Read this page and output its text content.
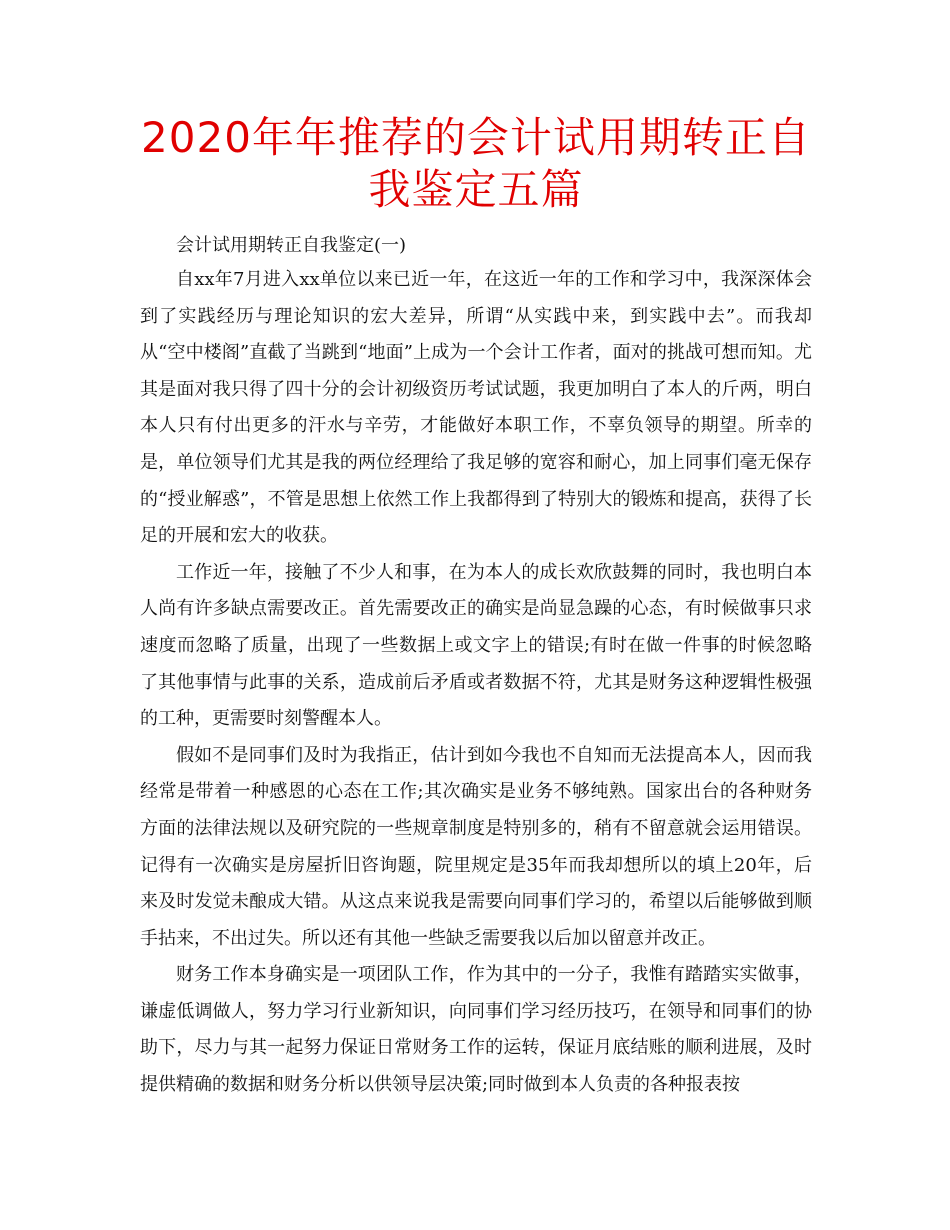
2020年年推荐的会计试用期转正自我鉴定五篇

会计试用期转正自我鉴定(一)

自xx年7月进入xx单位以来已近一年，在这近一年的工作和学习中，我深深体会到了实践经历与理论知识的宏大差异，所谓“从实践中来，到实践中去”。而我却从“空中楼阁”直截了当跳到“地面”上成为一个会计工作者，面对的挑战可想而知。尤其是面对我只得了四十分的会计初级资历考试试题，我更加明白了本人的斤两，明白本人只有付出更多的汗水与辛劳，才能做好本职工作，不辜负领导的期望。所幸的是，单位领导们尤其是我的两位经理给了我足够的宽容和耐心，加上同事们毫无保存的“授业解惑”，不管是思想上依然工作上我都得到了特别大的锻炼和提高，获得了长足的开展和宏大的收获。

工作近一年，接触了不少人和事，在为本人的成长欢欣鼓舞的同时，我也明白本人尚有许多缺点需要改正。首先需要改正的确实是尚显急躁的心态，有时候做事只求速度而忽略了质量，出现了一些数据上或文字上的错误;有时在做一件事的时候忽略了其他事情与此事的关系，造成前后矛盾或者数据不符，尤其是财务这种逻辑性极强的工种，更需要时刻警醒本人。

假如不是同事们及时为我指正，估计到如今我也不自知而无法提高本人，因而我经常是带着一种感恩的心态在工作;其次确实是业务不够纯熟。国家出台的各种财务方面的法律法规以及研究院的一些规章制度是特别多的，稍有不留意就会运用错误。记得有一次确实是房屋折旧咨询题，院里规定是35年而我却想所以的填上20年，后来及时发觉未酿成大错。从这点来说我是需要向同事们学习的，希望以后能够做到顺手拈来，不出过失。所以还有其他一些缺乏需要我以后加以留意并改正。

财务工作本身确实是一项团队工作，作为其中的一分子，我惟有踏踏实实做事，谦虚低调做人，努力学习行业新知识，向同事们学习经历技巧，在领导和同事们的协助下，尽力与其一起努力保证日常财务工作的运转，保证月底结账的顺利进展，及时提供精确的数据和财务分析以供领导层决策;同时做到本人负责的各种报表按
